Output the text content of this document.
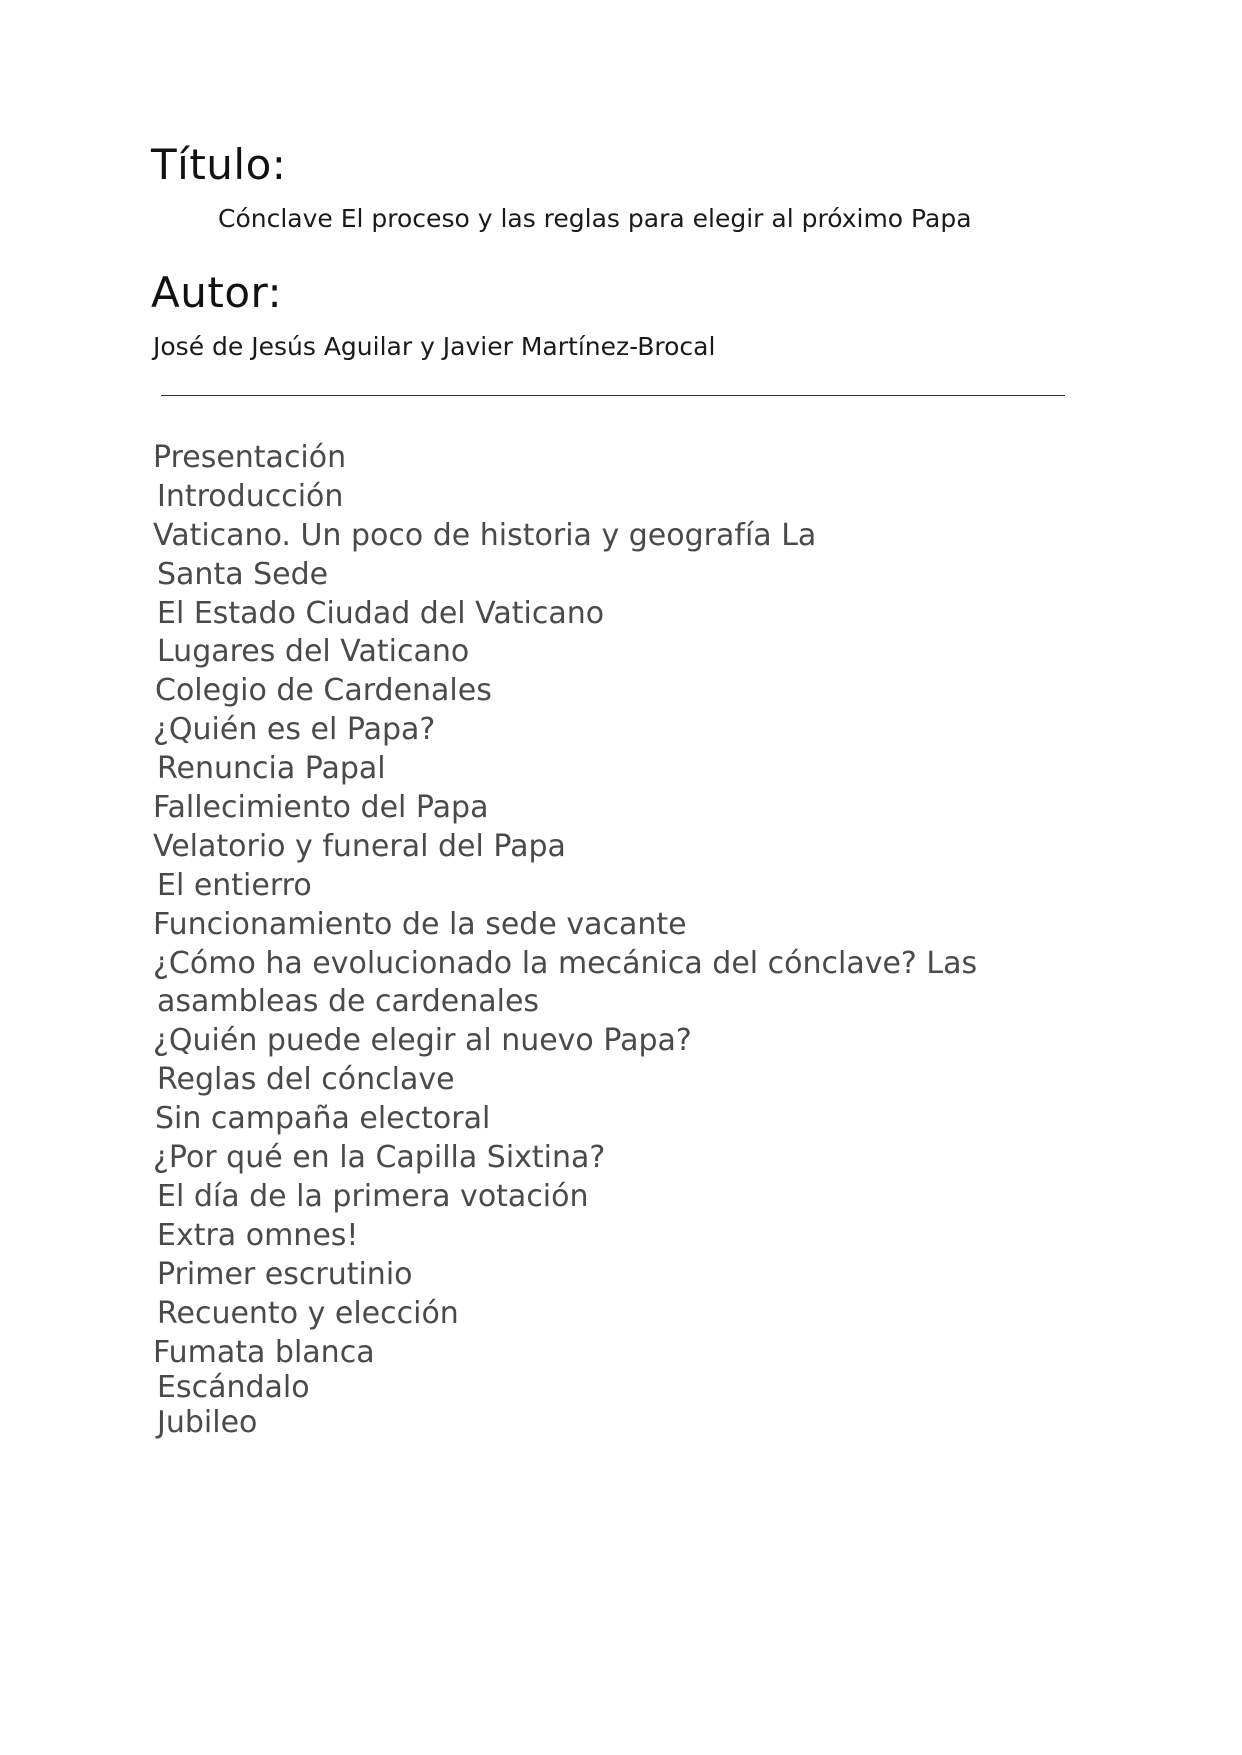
Título:
Cónclave El proceso y las reglas para elegir al próximo Papa
Autor:
José de Jesús Aguilar y Javier Martínez-Brocal
Presentación
Introducción
Vaticano. Un poco de historia y geografía La
Santa Sede
El Estado Ciudad del Vaticano
Lugares del Vaticano
Colegio de Cardenales
¿Quién es el Papa?
Renuncia Papal
Fallecimiento del Papa
Velatorio y funeral del Papa
El entierro
Funcionamiento de la sede vacante
¿Cómo ha evolucionado la mecánica del cónclave? Las
asambleas de cardenales
¿Quién puede elegir al nuevo Papa?
Reglas del cónclave
Sin campaña electoral
¿Por qué en la Capilla Sixtina?
El día de la primera votación
Extra omnes!
Primer escrutinio
Recuento y elección
Fumata blanca
Escándalo
Jubileo
